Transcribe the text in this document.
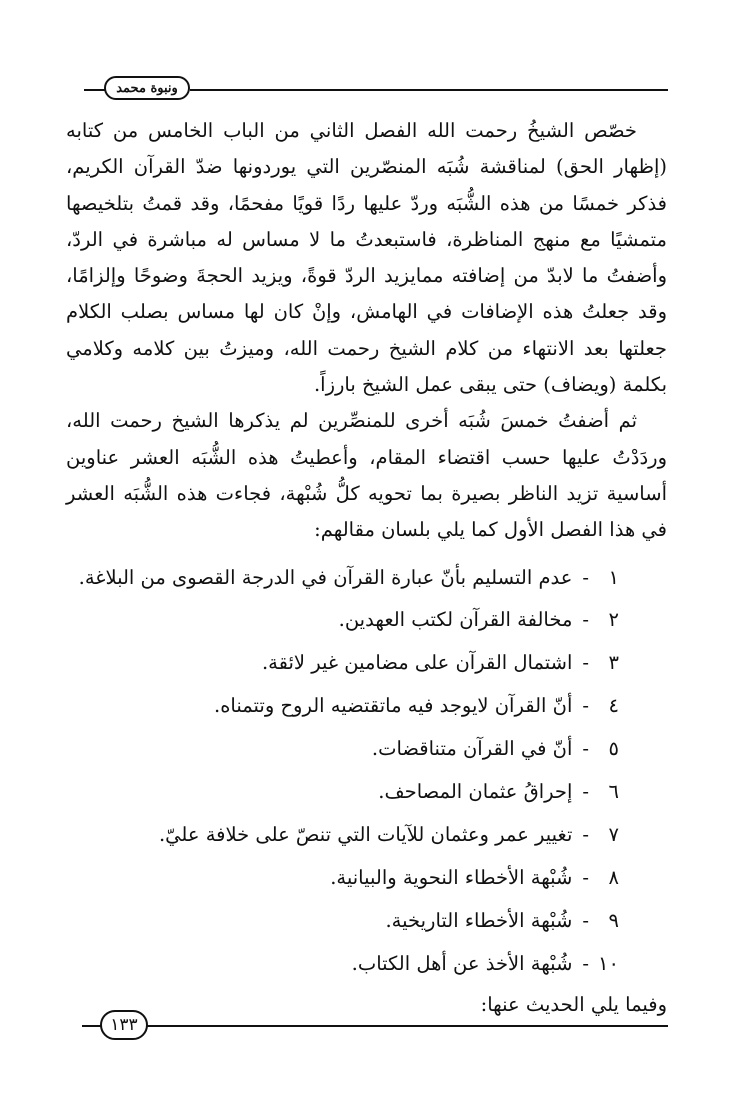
ونبوة محمد

خصّص الشيخُ رحمت الله الفصل الثاني من الباب الخامس من كتابه (إظهار الحق) لمناقشة شُبَه المنصّرين التي يوردونها ضدّ القرآن الكريم، فذكر خمسًا من هذه الشُّبَه وردّ عليها ردًا قويًا مفحمًا، وقد قمتُ بتلخيصها متمشيًا مع منهج المناظرة، فاستبعدتُ ما لا مساس له مباشرة في الردّ، وأضفتُ ما لابدّ من إضافته ممايزيد الردّ قوةً، ويزيد الحجةَ وضوحًا وإلزامًا، وقد جعلتُ هذه الإضافات في الهامش، وإنْ كان لها مساس بصلب الكلام جعلتها بعد الانتهاء من كلام الشيخ رحمت الله، وميزتُ بين كلامه وكلامي بكلمة (ويضاف) حتى يبقى عمل الشيخ بارزاً.

ثم أضفتُ خمسَ شُبَه أخرى للمنصِّرين لم يذكرها الشيخ رحمت الله، وردَدْتُ عليها حسب اقتضاء المقام، وأعطيتُ هذه الشُّبَه العشر عناوين أساسية تزيد الناظر بصيرة بما تحويه كلُّ شُبْهة، فجاءت هذه الشُّبَه العشر في هذا الفصل الأول كما يلي بلسان مقالهم:

١
-
عدم التسليم بأنّ عبارة القرآن في الدرجة القصوى من البلاغة.
٢
-
مخالفة القرآن لكتب العهدين.
٣
-
اشتمال القرآن على مضامين غير لائقة.
٤
-
أنّ القرآن لايوجد فيه ماتقتضيه الروح وتتمناه.
٥
-
أنّ في القرآن متناقضات.
٦
-
إحراقُ عثمان المصاحف.
٧
-
تغيير عمر وعثمان للآيات التي تنصّ على خلافة عليّ.
٨
-
شُبْهة الأخطاء النحوية والبيانية.
٩
-
شُبْهة الأخطاء التاريخية.
١٠
-
شُبْهة الأخذ عن أهل الكتاب.

وفيما يلي الحديث عنها:

١٣٣
